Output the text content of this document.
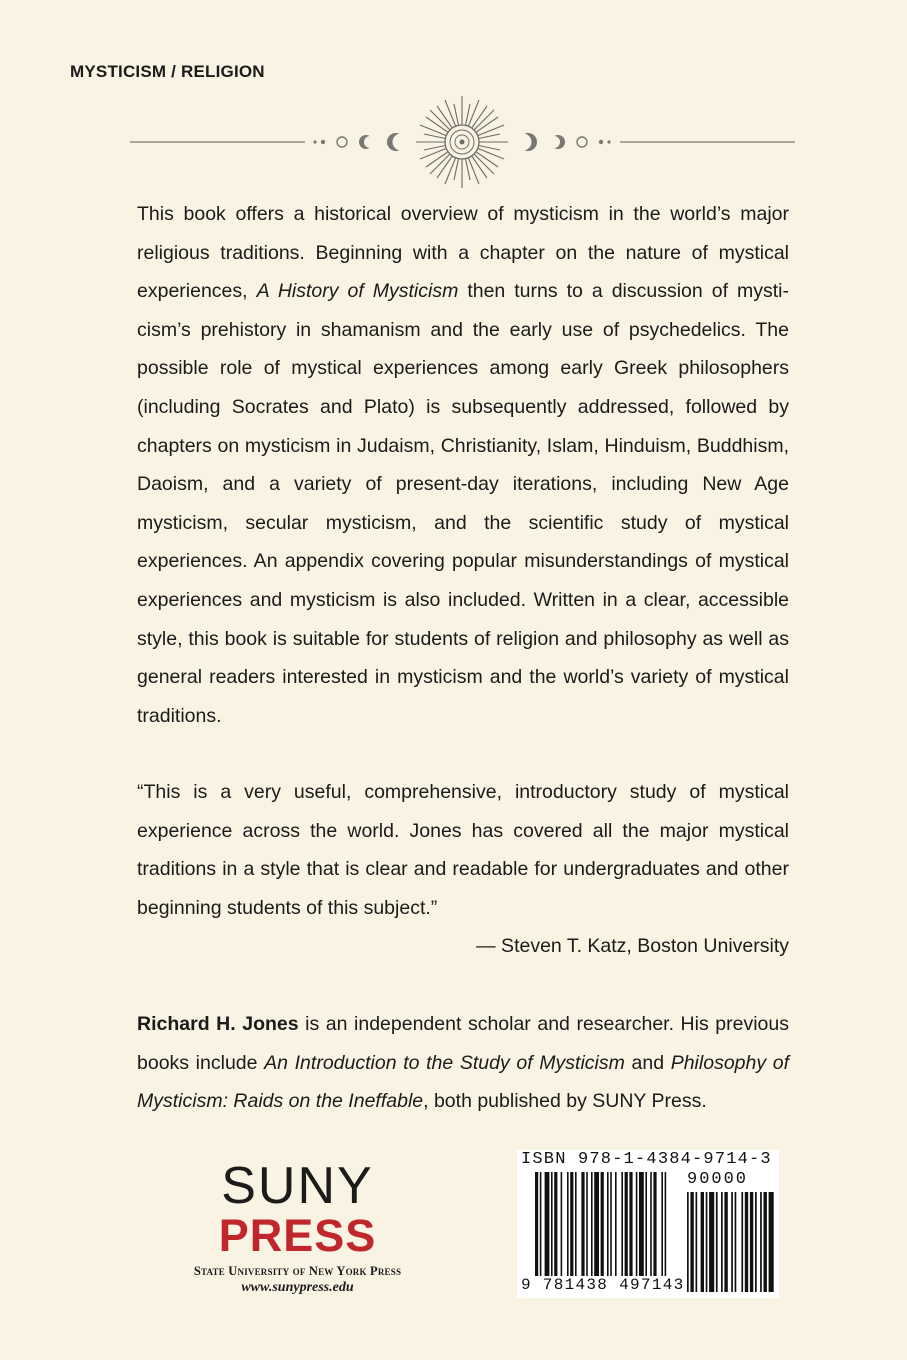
MYSTICISM / RELIGION

This book offers a historical overview of mysticism in the world’s major religious traditions. Beginning with a chapter on the nature of mystical experiences, A History of Mysticism then turns to a discussion of mysticism’s prehistory in shamanism and the early use of psychedelics. The possible role of mystical experiences among early Greek philosophers (including Socrates and Plato) is subsequently addressed, followed by chapters on mysticism in Judaism, Christianity, Islam, Hinduism, Buddhism, Daoism, and a variety of present-day iterations, including New Age mysticism, secular mysticism, and the scientific study of mystical experiences. An appendix covering popular misunderstandings of mystical experiences and mysticism is also included. Written in a clear, accessible style, this book is suitable for students of religion and philosophy as well as general readers interested in mysticism and the world’s variety of mystical traditions.

“This is a very useful, comprehensive, introductory study of mystical experience across the world. Jones has covered all the major mystical traditions in a style that is clear and readable for undergraduates and other beginning students of this subject.”

— Steven T. Katz, Boston University

Richard H. Jones is an independent scholar and researcher. His previous books include An Introduction to the Study of Mysticism and Philosophy of Mysticism: Raids on the Ineffable, both published by SUNY Press.

SUNY
PRESS
State University of New York Press
www.sunypress.edu
ISBN 978-1-4384-9714-3
90000
9 781438 497143
